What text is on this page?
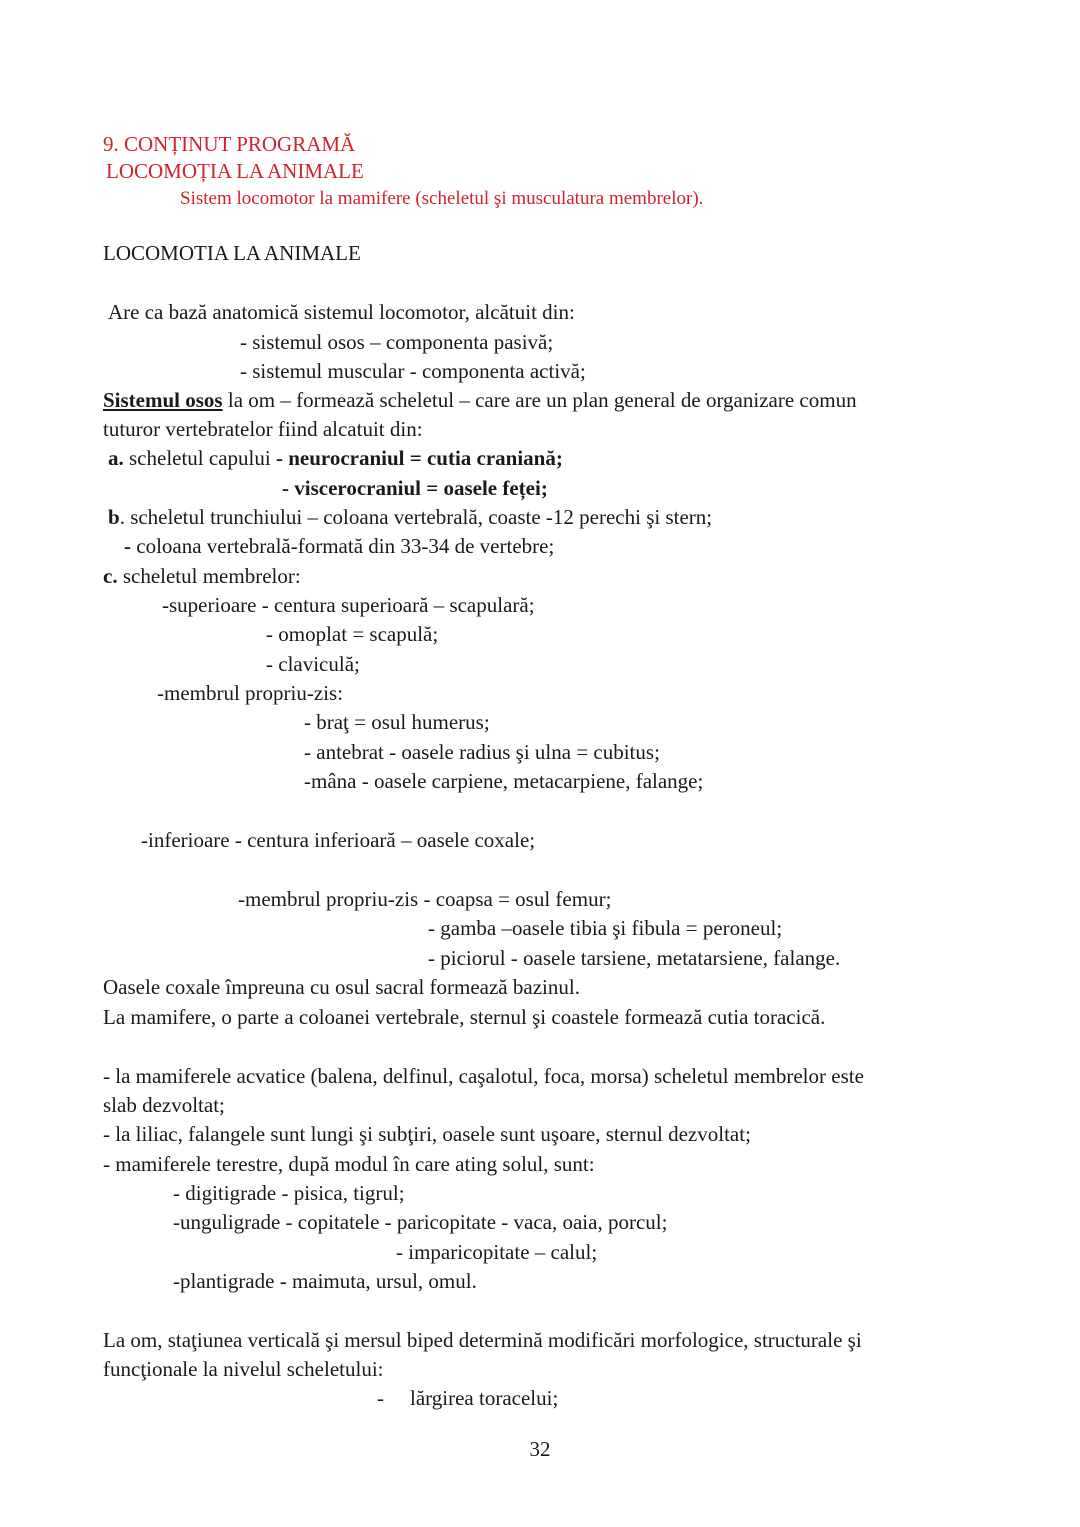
9. CONȚINUT PROGRAMĂ
LOCOMOȚIA LA ANIMALE
Sistem locomotor la mamifere (scheletul şi musculatura membrelor).
LOCOMOTIA LA ANIMALE
Are ca bază anatomică sistemul locomotor, alcătuit din:
- sistemul osos – componenta pasivă;
- sistemul muscular - componenta activă;
Sistemul osos la om – formează scheletul – care are un plan general de organizare comun
tuturor vertebratelor fiind alcatuit din:
a. scheletul capului - neurocraniul = cutia craniană;
- viscerocraniul = oasele feței;
b. scheletul trunchiului – coloana vertebrală, coaste -12 perechi şi stern;
- coloana vertebrală-formată din 33-34 de vertebre;
c. scheletul membrelor:
-superioare - centura superioară – scapulară;
- omoplat = scapulă;
- claviculă;
-membrul propriu-zis:
- braţ = osul humerus;
- antebrat - oasele radius şi ulna = cubitus;
-mâna - oasele carpiene, metacarpiene, falange;
-inferioare - centura inferioară – oasele coxale;
-membrul propriu-zis - coapsa = osul femur;
- gamba –oasele tibia şi fibula = peroneul;
- piciorul - oasele tarsiene, metatarsiene, falange.
Oasele coxale împreuna cu osul sacral formează bazinul.
La mamifere, o parte a coloanei vertebrale, sternul şi coastele formează cutia toracică.
- la mamiferele acvatice (balena, delfinul, caşalotul, foca, morsa) scheletul membrelor este
slab dezvoltat;
- la liliac, falangele sunt lungi şi subţiri, oasele sunt uşoare, sternul dezvoltat;
- mamiferele terestre, după modul în care ating solul, sunt:
- digitigrade - pisica, tigrul;
-unguligrade - copitatele - paricopitate - vaca, oaia, porcul;
- imparicopitate – calul;
-plantigrade - maimuta, ursul, omul.
La om, staţiunea verticală şi mersul biped determină modificări morfologice, structurale şi
funcţionale la nivelul scheletului:
- lărgirea toracelui;
32
